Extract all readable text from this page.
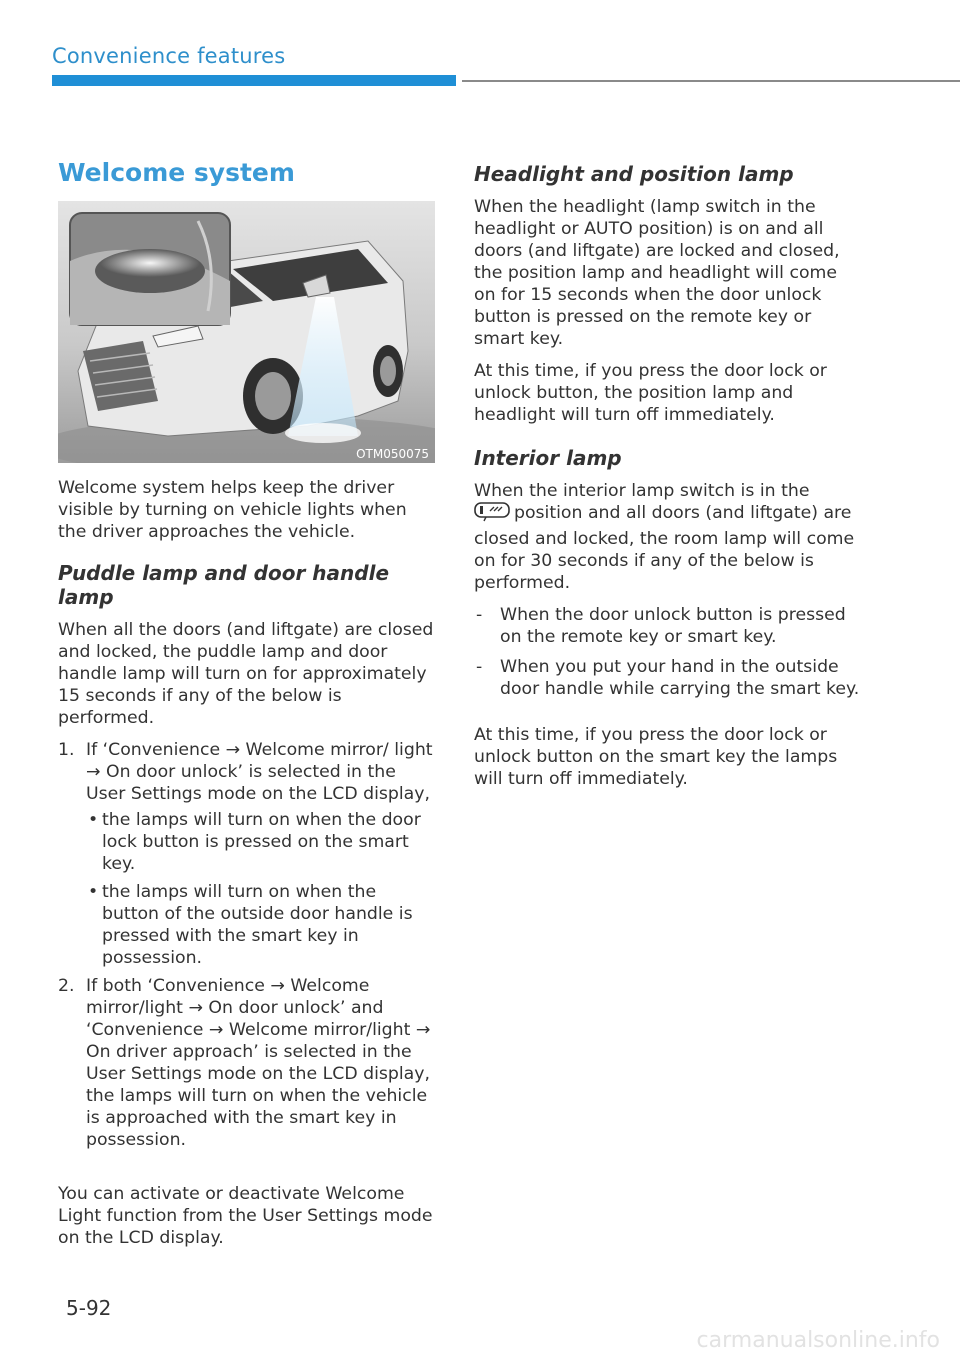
Convenience features
Welcome system
OTM050075

Welcome system helps keep the driver visible by turning on vehicle lights when the driver approaches the vehicle.

Puddle lamp and door handle lamp

When all the doors (and liftgate) are closed and locked, the puddle lamp and door handle lamp will turn on for approximately 15 seconds if any of the below is performed.

1. If ‘Convenience → Welcome mirror/ light → On door unlock’ is selected in the User Settings mode on the LCD display,
• the lamps will turn on when the door lock button is pressed on the smart key.
• the lamps will turn on when the button of the outside door handle is pressed with the smart key in possession.
2. If both ‘Convenience → Welcome mirror/light → On door unlock’ and ‘Convenience → Welcome mirror/light → On driver approach’ is selected in the User Settings mode on the LCD display, the lamps will turn on when the vehicle is approached with the smart key in possession.

You can activate or deactivate Welcome Light function from the User Settings mode on the LCD display.

Headlight and position lamp

When the headlight (lamp switch in the headlight or AUTO position) is on and all doors (and liftgate) are locked and closed, the position lamp and headlight will come on for 15 seconds when the door unlock button is pressed on the remote key or smart key.

At this time, if you press the door lock or unlock button, the position lamp and headlight will turn off immediately.

Interior lamp

When the interior lamp switch is in the
position and all doors (and liftgate) are closed and locked, the room lamp will come on for 30 seconds if any of the below is performed.

- When the door unlock button is pressed on the remote key or smart key.
- When you put your hand in the outside door handle while carrying the smart key.

At this time, if you press the door lock or unlock button on the smart key the lamps will turn off immediately.

5-92
carmanualsonline.info
